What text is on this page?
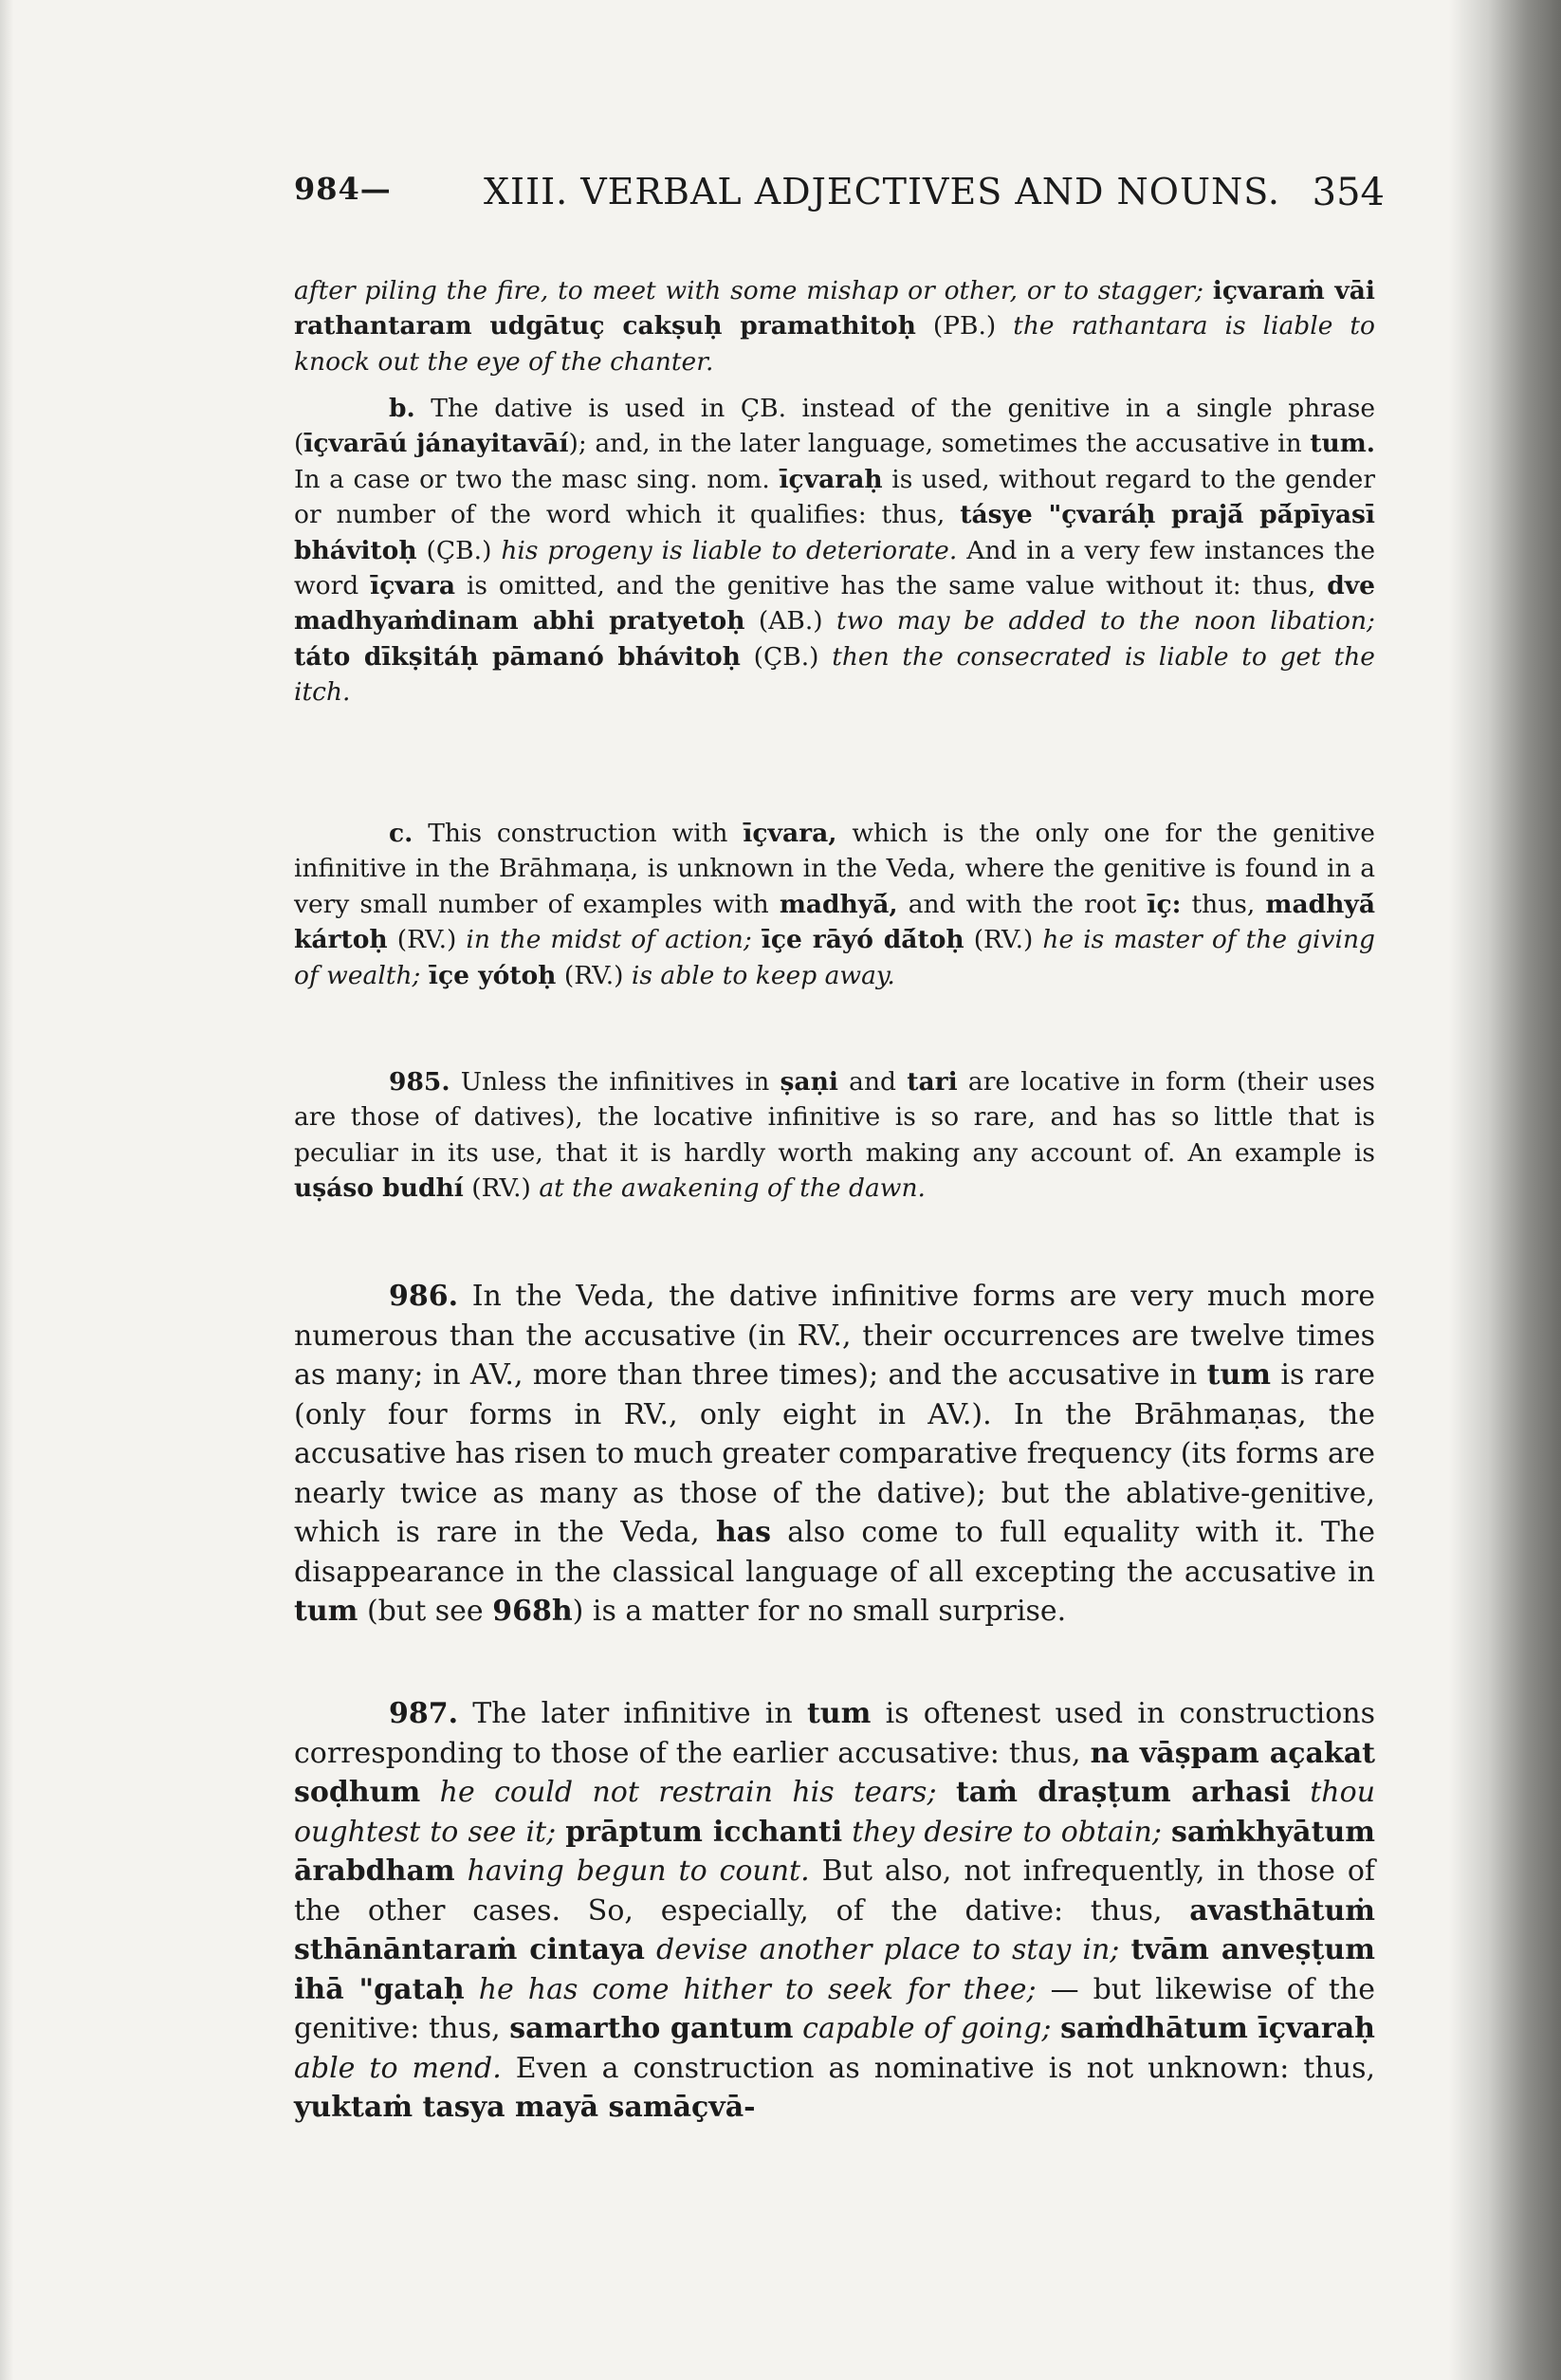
984—	XIII. VERBAL ADJECTIVES AND NOUNS. 354

after piling the fire, to meet with some mishap or other, or to stagger; içvaraṁ vāi rathantaram udgātuç cakṣuḥ pramathitoḥ (PB.) the rathantara is liable to knock out the eye of the chanter.

b. The dative is used in ÇB. instead of the genitive in a single phrase (īçvarāú jánayitavāí); and, in the later language, sometimes the accusative in tum. In a case or two the masc sing. nom. īçvaraḥ is used, without regard to the gender or number of the word which it qualifies: thus, tásye "çvaráḥ prajā́ pā́pīyasī bhávitoḥ (ÇB.) his progeny is liable to deteriorate. And in a very few instances the word īçvara is omitted, and the genitive has the same value without it: thus, dve madhyaṁdinam abhi pratyetoḥ (AB.) two may be added to the noon libation; táto dīkṣitáḥ pāmanó bhávitoḥ (ÇB.) then the consecrated is liable to get the itch.

c. This construction with īçvara, which is the only one for the genitive infinitive in the Brāhmaṇa, is unknown in the Veda, where the genitive is found in a very small number of examples with madhyā́, and with the root īç: thus, madhyā́ kártoḥ (RV.) in the midst of action; īçe rāyó dā́toḥ (RV.) he is master of the giving of wealth; īçe yótoḥ (RV.) is able to keep away.

985. Unless the infinitives in ṣaṇi and tari are locative in form (their uses are those of datives), the locative infinitive is so rare, and has so little that is peculiar in its use, that it is hardly worth making any account of. An example is uṣáso budhí (RV.) at the awakening of the dawn.

986. In the Veda, the dative infinitive forms are very much more numerous than the accusative (in RV., their occurrences are twelve times as many; in AV., more than three times); and the accusative in tum is rare (only four forms in RV., only eight in AV.). In the Brāhmaṇas, the accusative has risen to much greater comparative frequency (its forms are nearly twice as many as those of the dative); but the ablative-genitive, which is rare in the Veda, has also come to full equality with it. The disappearance in the classical language of all excepting the accusative in tum (but see 968h) is a matter for no small surprise.

987. The later infinitive in tum is oftenest used in constructions corresponding to those of the earlier accusative: thus, na vāṣpam açakat soḍhum he could not restrain his tears; taṁ draṣṭum arhasi thou oughtest to see it; prāptum icchanti they desire to obtain; saṁkhyātum ārabdham having begun to count. But also, not infrequently, in those of the other cases. So, especially, of the dative: thus, avasthātuṁ sthānāntaraṁ cintaya devise another place to stay in; tvām anveṣṭum ihā "gataḥ he has come hither to seek for thee; — but likewise of the genitive: thus, samartho gantum capable of going; saṁdhātum īçvaraḥ able to mend. Even a construction as nominative is not unknown: thus, yuktaṁ tasya mayā samāçvā-
